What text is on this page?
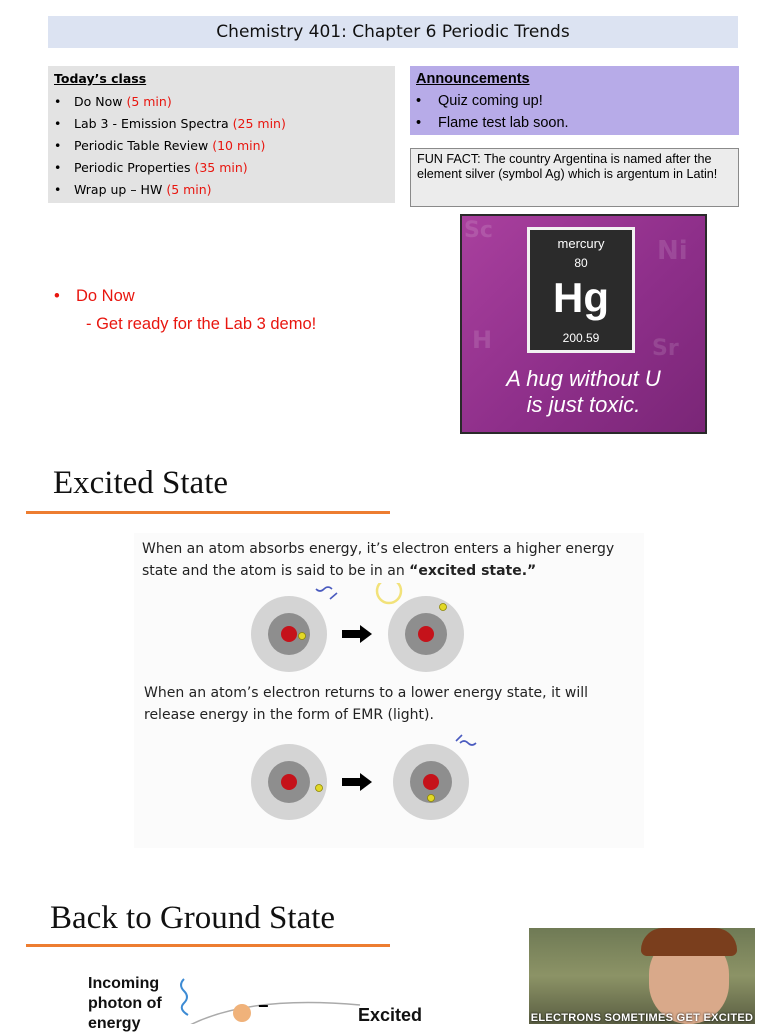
Chemistry 401: Chapter 6 Periodic Trends
Today’s class
• Do Now (5 min)
• Lab 3 - Emission Spectra (25 min)
• Periodic Table Review (10 min)
• Periodic Properties (35 min)
• Wrap up – HW (5 min)
Announcements
• Quiz coming up!
• Flame test lab soon.
FUN FACT: The country Argentina is named after the element silver (symbol Ag) which is argentum in Latin!
Sc
Ni
H	Sr
mercury
80
Hg
200.59
A hug without U
is just toxic.
• Do Now
- Get ready for the Lab 3 demo!
Excited State
When an atom absorbs energy, it’s electron enters a higher energy
state and the atom is said to be in an “excited state.”
When an atom’s electron returns to a lower energy state, it will
release energy in the form of EMR (light).
Back to Ground State
Incoming
photon of
energy
−	Excited	ELECTRONS SOMETIMES GET EXCITED
